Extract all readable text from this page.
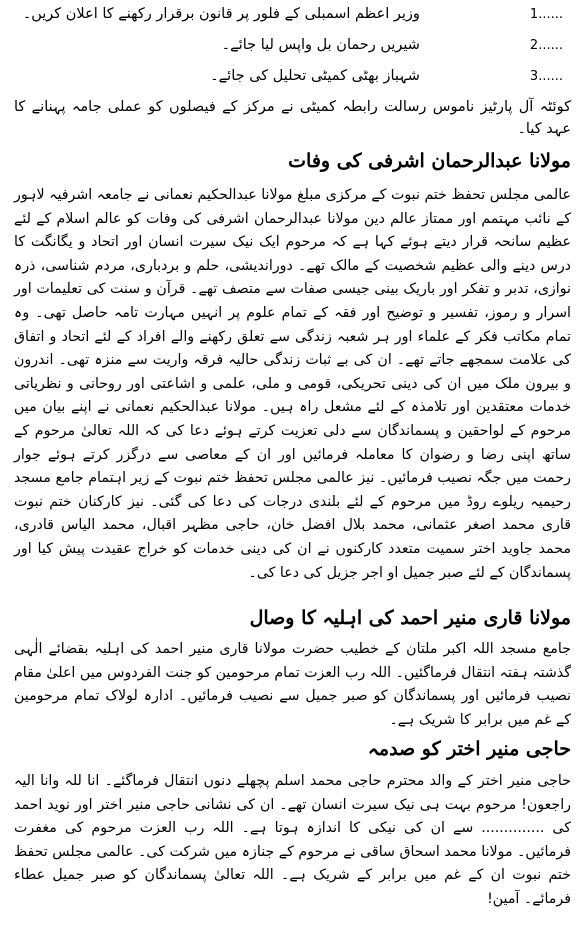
1......
وزیر اعظم اسمبلی کے فلور پر قانون برقرار رکھنے کا اعلان کریں۔
2......
شیریں رحمان بل واپس لیا جائے۔
3......
شہباز بھٹی کمیٹی تحلیل کی جائے۔

کوئٹہ آل پارٹیز ناموس رسالت رابطہ کمیٹی نے مرکز کے فیصلوں کو عملی جامہ پہنانے کا عہد کیا۔

مولانا عبدالرحمان اشرفی کی وفات

عالمی مجلس تحفظ ختم نبوت کے مرکزی مبلغ مولانا عبدالحکیم نعمانی نے جامعہ اشرفیہ لاہور کے نائب مہتمم اور ممتاز عالم دین مولانا عبدالرحمان اشرفی کی وفات کو عالم اسلام کے لئے عظیم سانحہ قرار دیتے ہوئے کہا ہے کہ مرحوم ایک نیک سیرت انسان اور اتحاد و یگانگت کا درس دینے والی عظیم شخصیت کے مالک تھے۔ دوراندیشی، حلم و بردباری، مردم شناسی، ذرہ نوازی، تدبر و تفکر اور باریک بینی جیسی صفات سے متصف تھے۔ قرآن و سنت کی تعلیمات اور اسرار و رموز، تفسیر و توضیح اور فقہ کے تمام علوم پر انہیں مہارت تامہ حاصل تھی۔ وہ تمام مکاتب فکر کے علماء اور ہر شعبہ زندگی سے تعلق رکھنے والے افراد کے لئے اتحاد و اتفاق کی علامت سمجھے جاتے تھے۔ ان کی بے ثبات زندگی حالیہ فرقہ واریت سے منزہ تھی۔ اندرون و بیرون ملک میں ان کی دینی تحریکی، قومی و ملی، علمی و اشاعتی اور روحانی و نظریاتی خدمات معتقدین اور تلامذہ کے لئے مشعل راہ ہیں۔ مولانا عبدالحکیم نعمانی نے اپنے بیان میں مرحوم کے لواحقین و پسماندگان سے دلی تعزیت کرتے ہوئے دعا کی کہ اللہ تعالیٰ مرحوم کے ساتھ اپنی رضا و رضوان کا معاملہ فرمائیں اور ان کے معاصی سے درگزر کرتے ہوئے جوار رحمت میں جگہ نصیب فرمائیں۔ نیز عالمی مجلس تحفظ ختم نبوت کے زیر اہتمام جامع مسجد رحیمیہ ریلوے روڈ میں مرحوم کے لئے بلندی درجات کی دعا کی گئی۔ نیز کارکنان ختم نبوت قاری محمد اصغر عثمانی، محمد بلال افضل خان، حاجی مظہر اقبال، محمد الیاس قادری، محمد جاوید اختر سمیت متعدد کارکنوں نے ان کی دینی خدمات کو خراج عقیدت پیش کیا اور پسماندگان کے لئے صبر جمیل او اجر جزیل کی دعا کی۔

مولانا قاری منیر احمد کی اہلیہ کا وصال

جامع مسجد اللہ اکبر ملتان کے خطیب حضرت مولانا قاری منیر احمد کی اہلیہ بقضائے الٰہی گذشتہ ہفتہ انتقال فرماگئیں۔ اللہ رب العزت تمام مرحومین کو جنت الفردوس میں اعلیٰ مقام نصیب فرمائیں اور پسماندگان کو صبر جمیل سے نصیب فرمائیں۔ ادارہ لولاک تمام مرحومین کے غم میں برابر کا شریک ہے۔

حاجی منیر اختر کو صدمہ

حاجی منیر اختر کے والد محترم حاجی محمد اسلم پچھلے دنوں انتقال فرماگئے۔ انا للہ وانا الیہ راجعون! مرحوم بہت ہی نیک سیرت انسان تھے۔ ان کی نشانی حاجی منیر اختر اور نوید احمد کی .............. سے ان کی نیکی کا اندازہ ہوتا ہے۔ اللہ رب العزت مرحوم کی مغفرت فرمائیں۔ مولانا محمد اسحاق ساقی نے مرحوم کے جنازہ میں شرکت کی۔ عالمی مجلس تحفظ ختم نبوت ان کے غم میں برابر کے شریک ہے۔ اللہ تعالیٰ پسماندگان کو صبر جمیل عطاء فرمائے۔ آمین!
